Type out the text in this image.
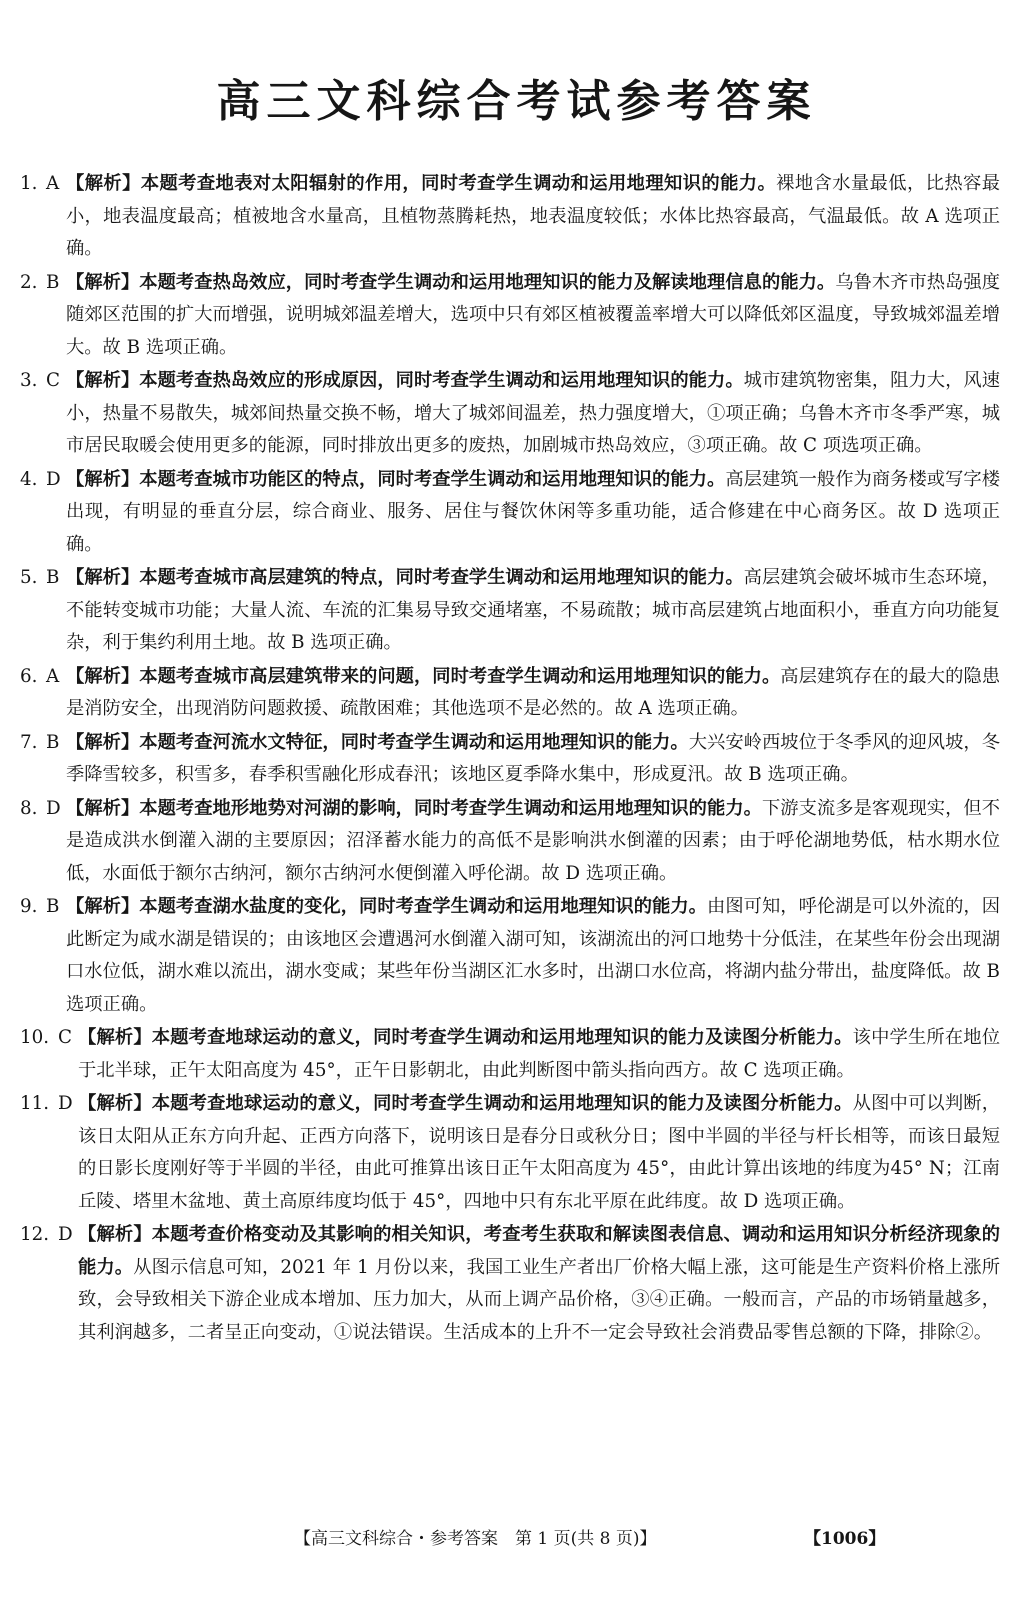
高三文科综合考试参考答案
1. A 【解析】本题考查地表对太阳辐射的作用，同时考查学生调动和运用地理知识的能力。裸地含水量最低，比热容最小，地表温度最高；植被地含水量高，且植物蒸腾耗热，地表温度较低；水体比热容最高，气温最低。故 A 选项正确。
2. B 【解析】本题考查热岛效应，同时考查学生调动和运用地理知识的能力及解读地理信息的能力。乌鲁木齐市热岛强度随郊区范围的扩大而增强，说明城郊温差增大，选项中只有郊区植被覆盖率增大可以降低郊区温度，导致城郊温差增大。故 B 选项正确。
3. C 【解析】本题考查热岛效应的形成原因，同时考查学生调动和运用地理知识的能力。城市建筑物密集，阻力大，风速小，热量不易散失，城郊间热量交换不畅，增大了城郊间温差，热力强度增大，①项正确；乌鲁木齐市冬季严寒，城市居民取暖会使用更多的能源，同时排放出更多的废热，加剧城市热岛效应，③项正确。故 C 项选项正确。
4. D 【解析】本题考查城市功能区的特点，同时考查学生调动和运用地理知识的能力。高层建筑一般作为商务楼或写字楼出现，有明显的垂直分层，综合商业、服务、居住与餐饮休闲等多重功能，适合修建在中心商务区。故 D 选项正确。
5. B 【解析】本题考查城市高层建筑的特点，同时考查学生调动和运用地理知识的能力。高层建筑会破坏城市生态环境，不能转变城市功能；大量人流、车流的汇集易导致交通堵塞，不易疏散；城市高层建筑占地面积小，垂直方向功能复杂，利于集约利用土地。故 B 选项正确。
6. A 【解析】本题考查城市高层建筑带来的问题，同时考查学生调动和运用地理知识的能力。高层建筑存在的最大的隐患是消防安全，出现消防问题救援、疏散困难；其他选项不是必然的。故 A 选项正确。
7. B 【解析】本题考查河流水文特征，同时考查学生调动和运用地理知识的能力。大兴安岭西坡位于冬季风的迎风坡，冬季降雪较多，积雪多，春季积雪融化形成春汛；该地区夏季降水集中，形成夏汛。故 B 选项正确。
8. D 【解析】本题考查地形地势对河湖的影响，同时考查学生调动和运用地理知识的能力。下游支流多是客观现实，但不是造成洪水倒灌入湖的主要原因；沼泽蓄水能力的高低不是影响洪水倒灌的因素；由于呼伦湖地势低，枯水期水位低，水面低于额尔古纳河，额尔古纳河水便倒灌入呼伦湖。故 D 选项正确。
9. B 【解析】本题考查湖水盐度的变化，同时考查学生调动和运用地理知识的能力。由图可知，呼伦湖是可以外流的，因此断定为咸水湖是错误的；由该地区会遭遇河水倒灌入湖可知，该湖流出的河口地势十分低洼，在某些年份会出现湖口水位低，湖水难以流出，湖水变咸；某些年份当湖区汇水多时，出湖口水位高，将湖内盐分带出，盐度降低。故 B 选项正确。
10. C 【解析】本题考查地球运动的意义，同时考查学生调动和运用地理知识的能力及读图分析能力。该中学生所在地位于北半球，正午太阳高度为 45°，正午日影朝北，由此判断图中箭头指向西方。故 C 选项正确。
11. D 【解析】本题考查地球运动的意义，同时考查学生调动和运用地理知识的能力及读图分析能力。从图中可以判断，该日太阳从正东方向升起、正西方向落下，说明该日是春分日或秋分日；图中半圆的半径与杆长相等，而该日最短的日影长度刚好等于半圆的半径，由此可推算出该日正午太阳高度为 45°，由此计算出该地的纬度为45° N；江南丘陵、塔里木盆地、黄土高原纬度均低于 45°，四地中只有东北平原在此纬度。故 D 选项正确。
12. D 【解析】本题考查价格变动及其影响的相关知识，考查考生获取和解读图表信息、调动和运用知识分析经济现象的能力。从图示信息可知，2021 年 1 月份以来，我国工业生产者出厂价格大幅上涨，这可能是生产资料价格上涨所致，会导致相关下游企业成本增加、压力加大，从而上调产品价格，③④正确。一般而言，产品的市场销量越多，其利润越多，二者呈正向变动，①说法错误。生活成本的上升不一定会导致社会消费品零售总额的下降，排除②。
【高三文科综合・参考答案　第 1 页(共 8 页)】	【1006】
